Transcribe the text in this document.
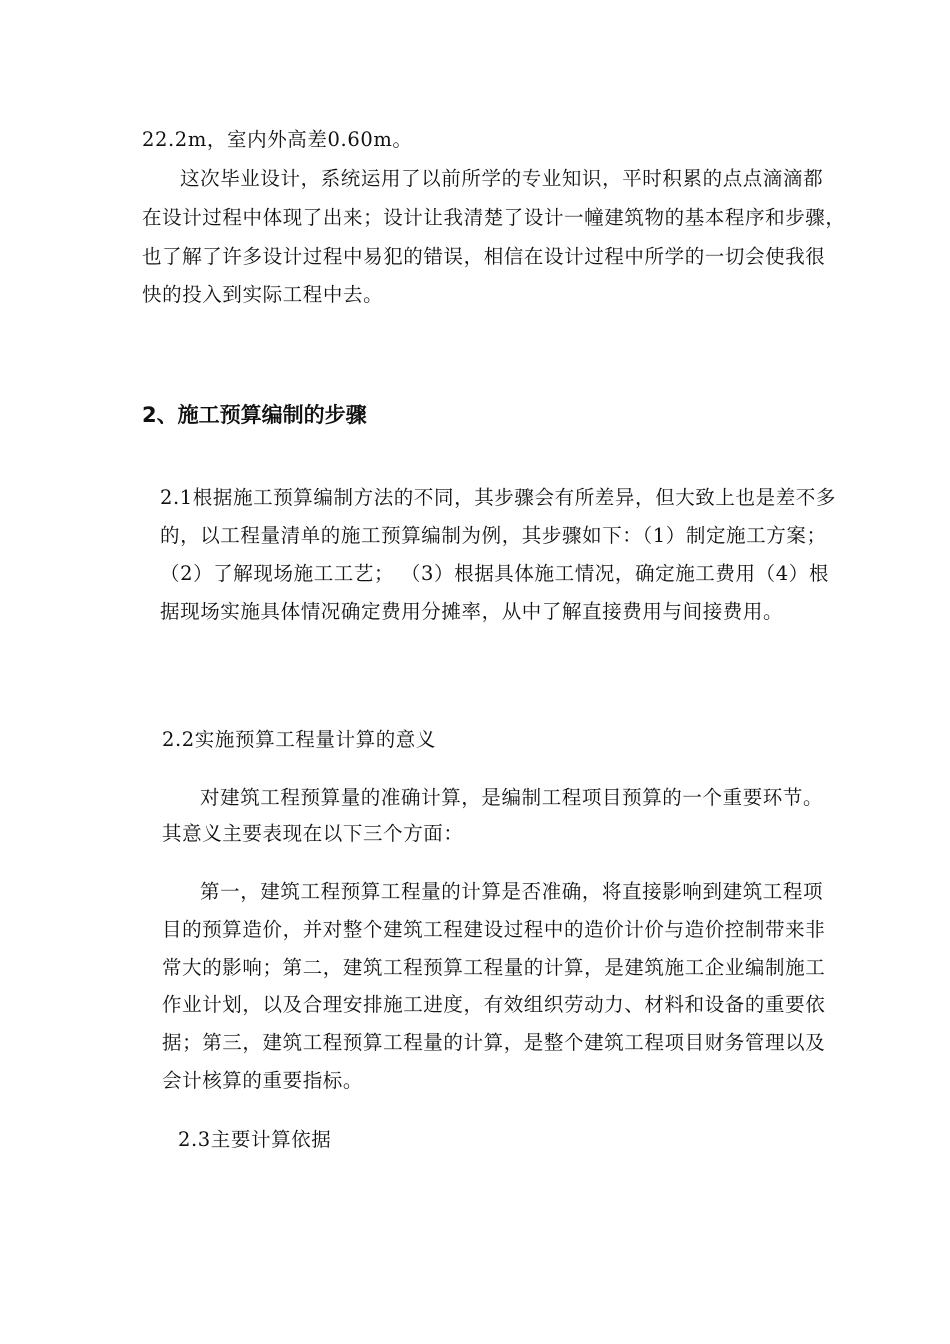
22.2m，室内外高差0.60m。
这次毕业设计，系统运用了以前所学的专业知识，平时积累的点点滴滴都
在设计过程中体现了出来；设计让我清楚了设计一幢建筑物的基本程序和步骤，
也了解了许多设计过程中易犯的错误，相信在设计过程中所学的一切会使我很
快的投入到实际工程中去。
2、施工预算编制的步骤
2.1根据施工预算编制方法的不同，其步骤会有所差异，但大致上也是差不多
的，以工程量清单的施工预算编制为例，其步骤如下：（1）制定施工方案；
（2）了解现场施工工艺； （3）根据具体施工情况，确定施工费用（4）根
据现场实施具体情况确定费用分摊率，从中了解直接费用与间接费用。
2.2实施预算工程量计算的意义
对建筑工程预算量的准确计算，是编制工程项目预算的一个重要环节。
其意义主要表现在以下三个方面：
第一，建筑工程预算工程量的计算是否准确，将直接影响到建筑工程项
目的预算造价，并对整个建筑工程建设过程中的造价计价与造价控制带来非
常大的影响；第二，建筑工程预算工程量的计算，是建筑施工企业编制施工
作业计划，以及合理安排施工进度，有效组织劳动力、材料和设备的重要依
据；第三，建筑工程预算工程量的计算，是整个建筑工程项目财务管理以及
会计核算的重要指标。
2.3主要计算依据
